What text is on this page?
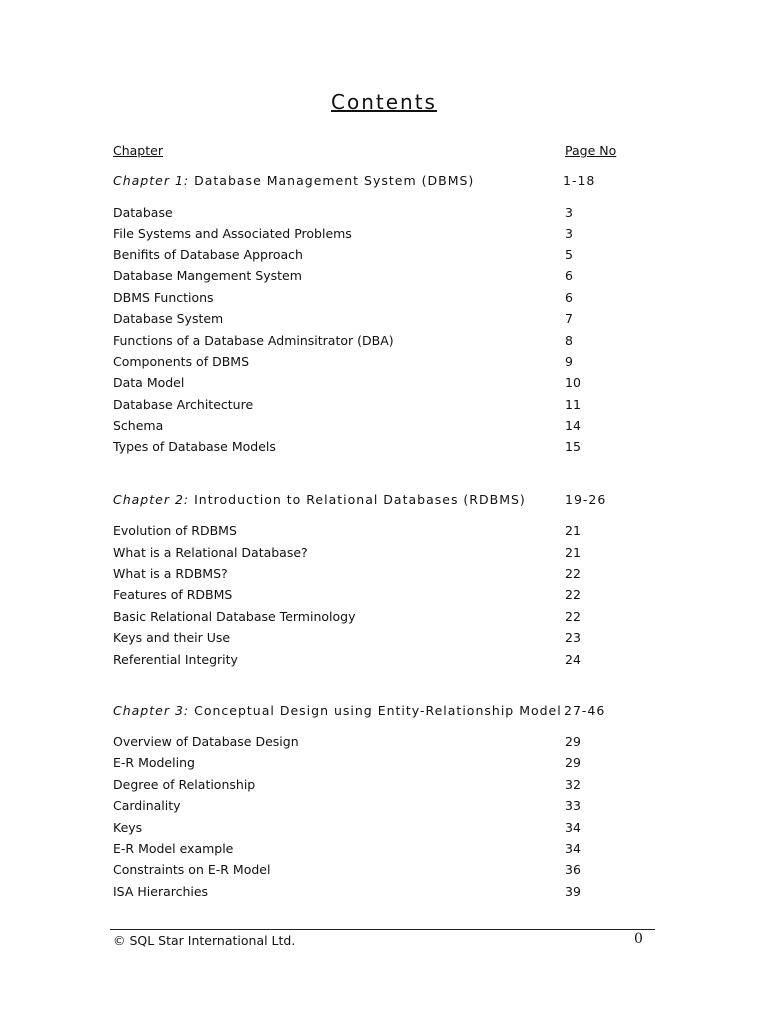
Contents
Chapter	Page No
Chapter 1: Database Management System (DBMS)	1-18
Database	3
File Systems and Associated Problems	3
Benifits of Database Approach	5
Database Mangement System	6
DBMS Functions	6
Database System	7
Functions of a Database Adminsitrator (DBA)	8
Components of DBMS	9
Data Model	10
Database Architecture	11
Schema	14
Types of Database Models	15
Chapter 2: Introduction to Relational Databases (RDBMS)	19-26
Evolution of RDBMS	21
What is a Relational Database?	21
What is a RDBMS?	22
Features of RDBMS	22
Basic Relational Database Terminology	22
Keys and their Use	23
Referential Integrity	24
Chapter 3: Conceptual Design using Entity-Relationship Model 27-46
Overview of Database Design	29
E-R Modeling	29
Degree of Relationship	32
Cardinality	33
Keys	34
E-R Model example	34
Constraints on E-R Model	36
ISA Hierarchies	39
© SQL Star International Ltd.	0
